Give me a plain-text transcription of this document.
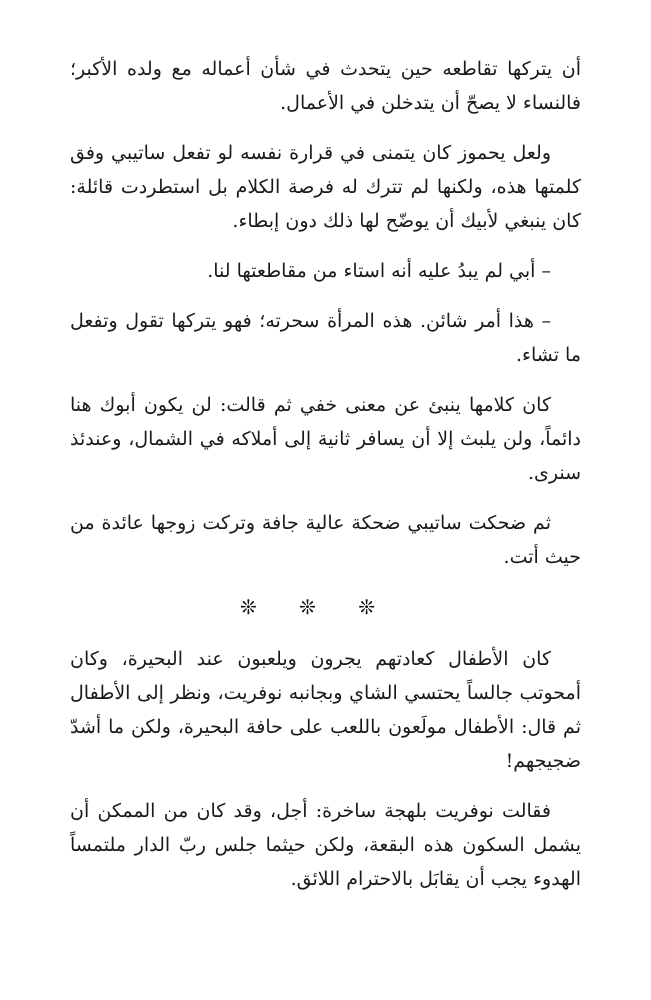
أن يتركها تقاطعه حين يتحدث في شأن أعماله مع ولده الأكبر؛ فالنساء لا يصحّ أن يتدخلن في الأعمال.

ولعل يحموز كان يتمنى في قرارة نفسه لو تفعل ساتيبي وفق كلمتها هذه، ولكنها لم تترك له فرصة الكلام بل استطردت قائلة: كان ينبغي لأبيك أن يوضّح لها ذلك دون إبطاء.

– أبي لم يبدُ عليه أنه استاء من مقاطعتها لنا.

– هذا أمر شائن. هذه المرأة سحرته؛ فهو يتركها تقول وتفعل ما تشاء.

كان كلامها ينبئ عن معنى خفي ثم قالت: لن يكون أبوك هنا دائماً، ولن يلبث إلا أن يسافر ثانية إلى أملاكه في الشمال، وعندئذ سنرى.

ثم ضحكت ساتيبي ضحكة عالية جافة وتركت زوجها عائدة من حيث أتت.

❊ ❊ ❊

كان الأطفال كعادتهم يجرون ويلعبون عند البحيرة، وكان أمحوتب جالساً يحتسي الشاي وبجانبه نوفريت، ونظر إلى الأطفال ثم قال: الأطفال مولَعون باللعب على حافة البحيرة، ولكن ما أشدّ ضجيجهم!

فقالت نوفريت بلهجة ساخرة: أجل، وقد كان من الممكن أن يشمل السكون هذه البقعة، ولكن حيثما جلس ربّ الدار ملتمساً الهدوء يجب أن يقابَل بالاحترام اللائق.
